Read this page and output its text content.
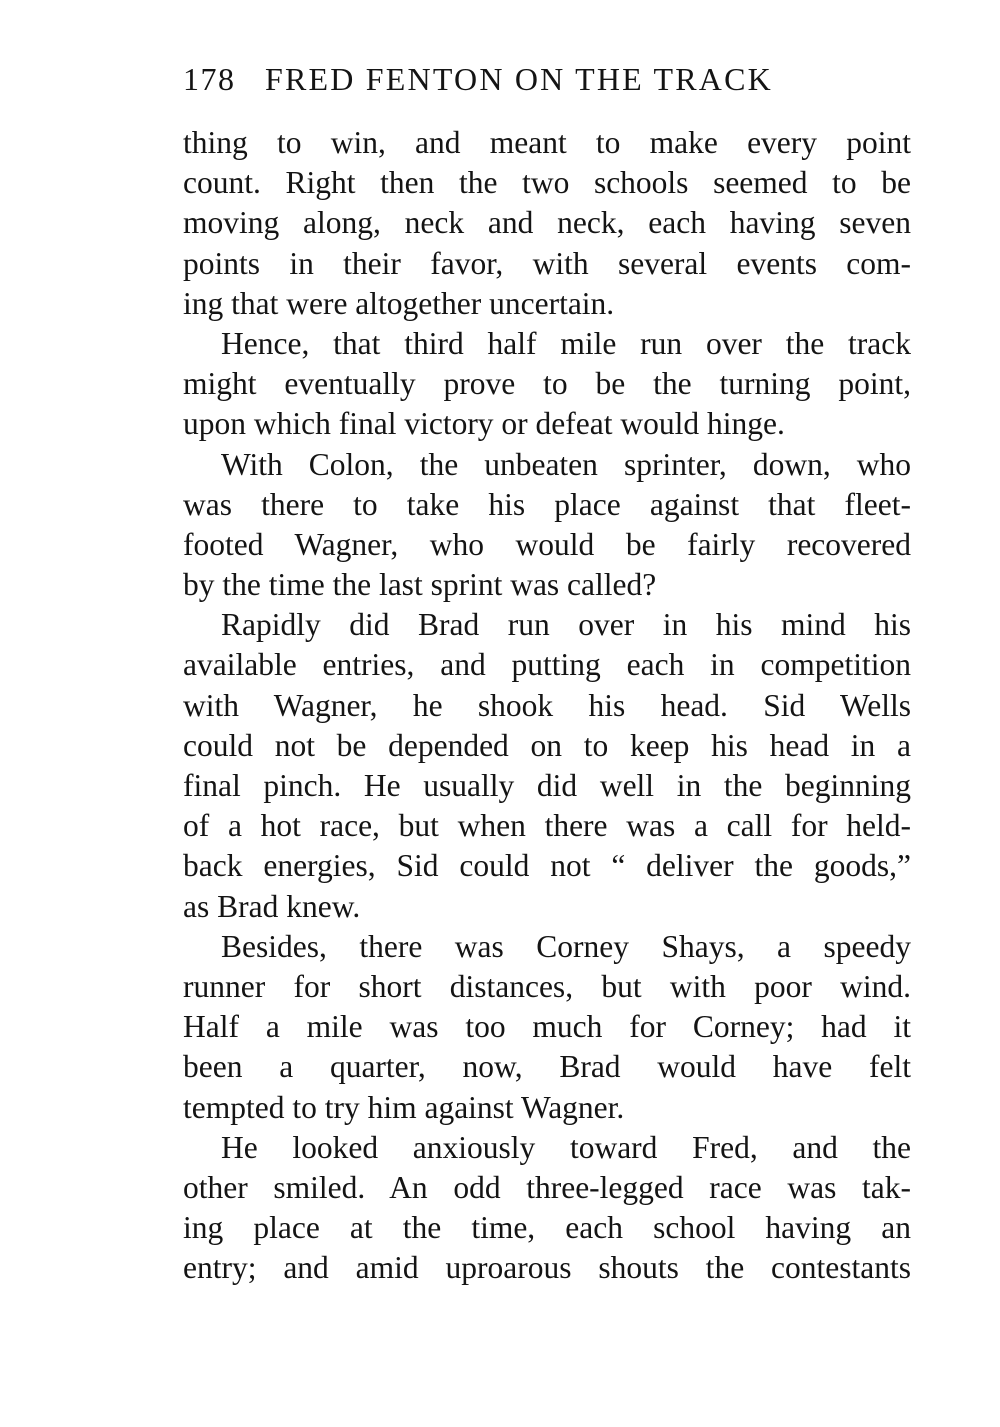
178 FRED FENTON ON THE TRACK
thing to win, and meant to make every point
count. Right then the two schools seemed to be
moving along, neck and neck, each having seven
points in their favor, with several events com-
ing that were altogether uncertain.
Hence, that third half mile run over the track
might eventually prove to be the turning point,
upon which final victory or defeat would hinge.
With Colon, the unbeaten sprinter, down, who
was there to take his place against that fleet-
footed Wagner, who would be fairly recovered
by the time the last sprint was called?
Rapidly did Brad run over in his mind his
available entries, and putting each in competition
with Wagner, he shook his head. Sid Wells
could not be depended on to keep his head in a
final pinch. He usually did well in the beginning
of a hot race, but when there was a call for held-
back energies, Sid could not “ deliver the goods,”
as Brad knew.
Besides, there was Corney Shays, a speedy
runner for short distances, but with poor wind.
Half a mile was too much for Corney; had it
been a quarter, now, Brad would have felt
tempted to try him against Wagner.
He looked anxiously toward Fred, and the
other smiled. An odd three-legged race was tak-
ing place at the time, each school having an
entry; and amid uproarous shouts the contestants
